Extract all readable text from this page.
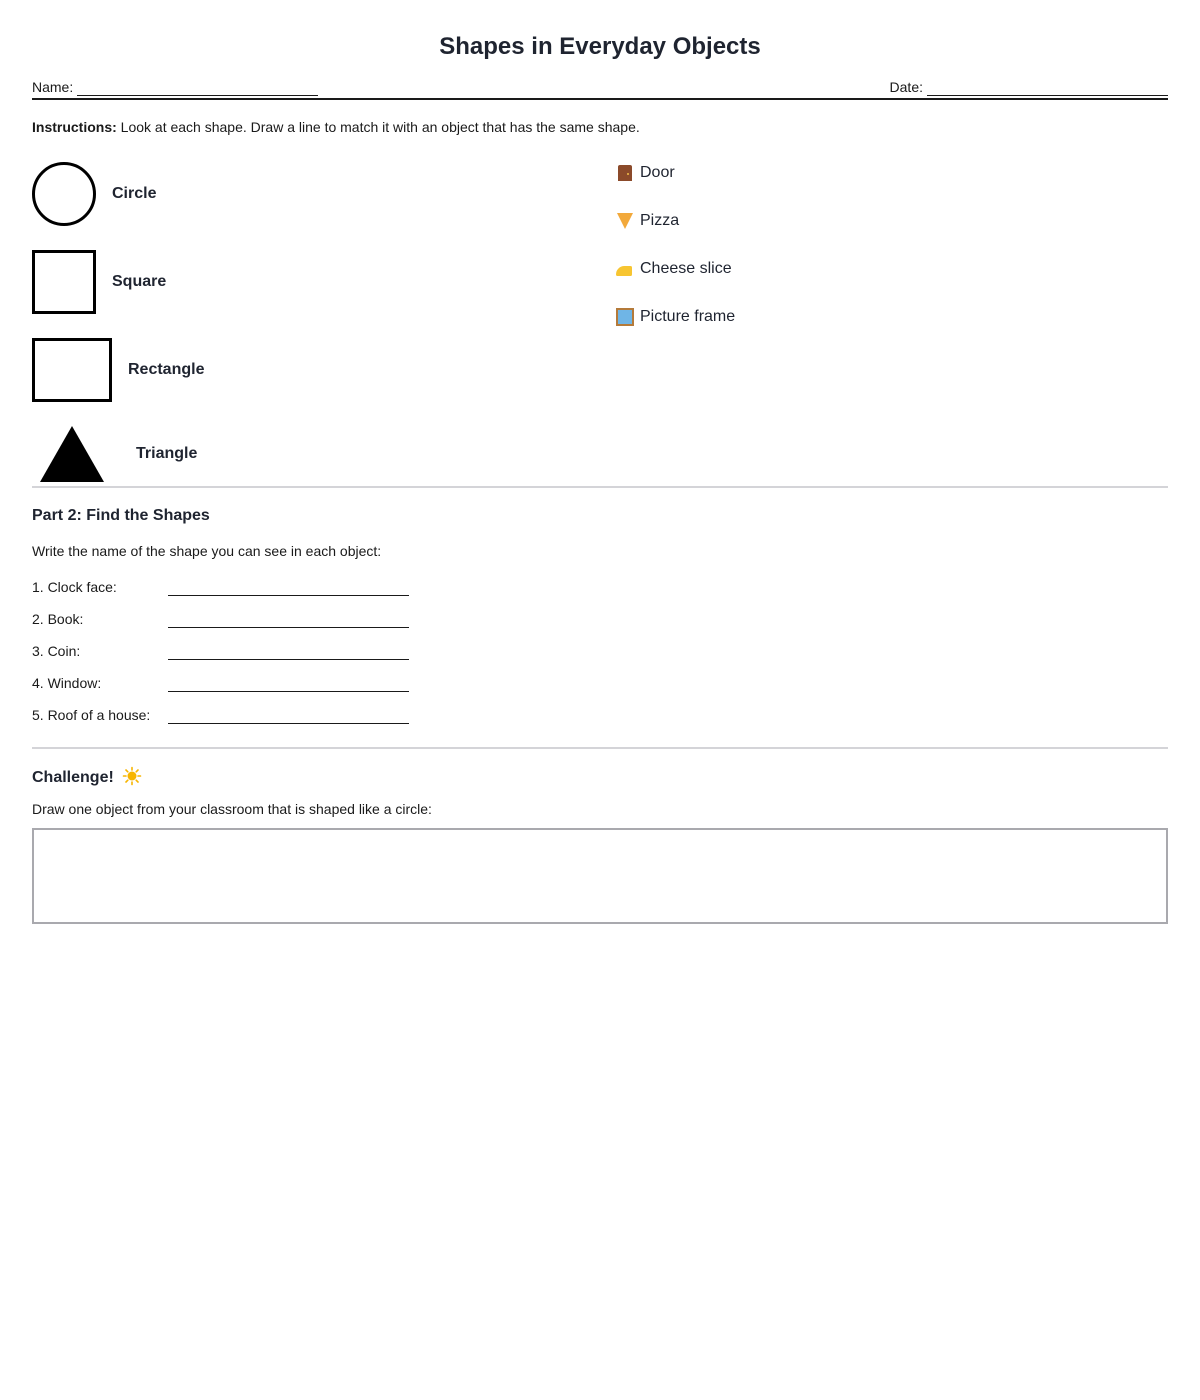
Shapes in Everyday Objects
Name:	Date:
Instructions: Look at each shape. Draw a line to match it with an object that has the same shape.
Circle
Square
Rectangle
Triangle
Door
Pizza
Cheese slice
Picture frame
Part 2: Find the Shapes
Write the name of the shape you can see in each object:
1. Clock face:
2. Book:
3. Coin:
4. Window:
5. Roof of a house:
Challenge!
Draw one object from your classroom that is shaped like a circle:
